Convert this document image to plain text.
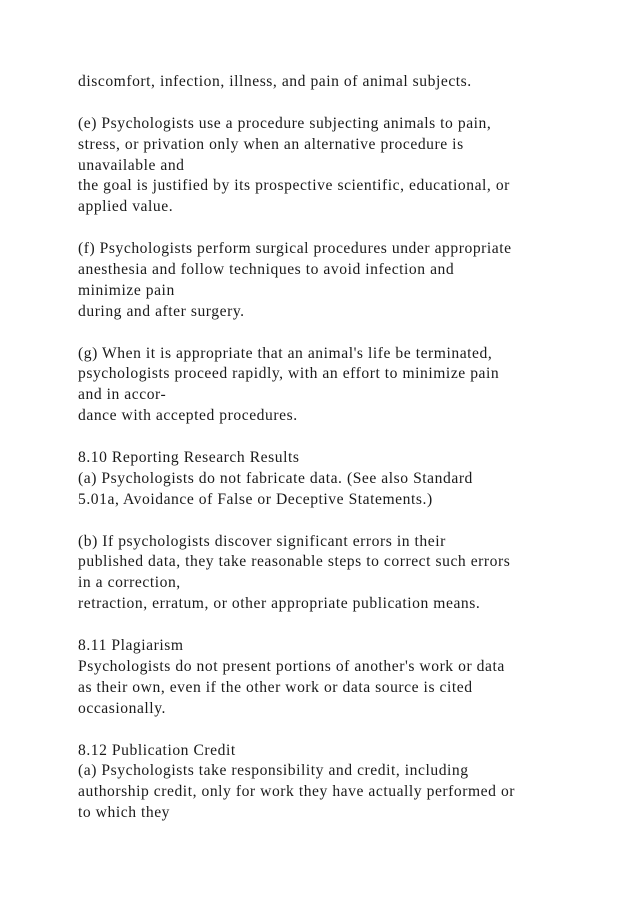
discomfort, infection, illness, and pain of animal subjects.
(e) Psychologists use a procedure subjecting animals to pain,
stress, or privation only when an alternative procedure is
unavailable and
the goal is justified by its prospective scientific, educational, or
applied value.
(f) Psychologists perform surgical procedures under appropriate
anesthesia and follow techniques to avoid infection and
minimize pain
during and after surgery.
(g) When it is appropriate that an animal's life be terminated,
psychologists proceed rapidly, with an effort to minimize pain
and in accor-
dance with accepted procedures.
8.10 Reporting Research Results
(a) Psychologists do not fabricate data. (See also Standard
5.01a, Avoidance of False or Deceptive Statements.)
(b) If psychologists discover significant errors in their
published data, they take reasonable steps to correct such errors
in a correction,
retraction, erratum, or other appropriate publication means.
8.11 Plagiarism
Psychologists do not present portions of another's work or data
as their own, even if the other work or data source is cited
occasionally.
8.12 Publication Credit
(a) Psychologists take responsibility and credit, including
authorship credit, only for work they have actually performed or
to which they
